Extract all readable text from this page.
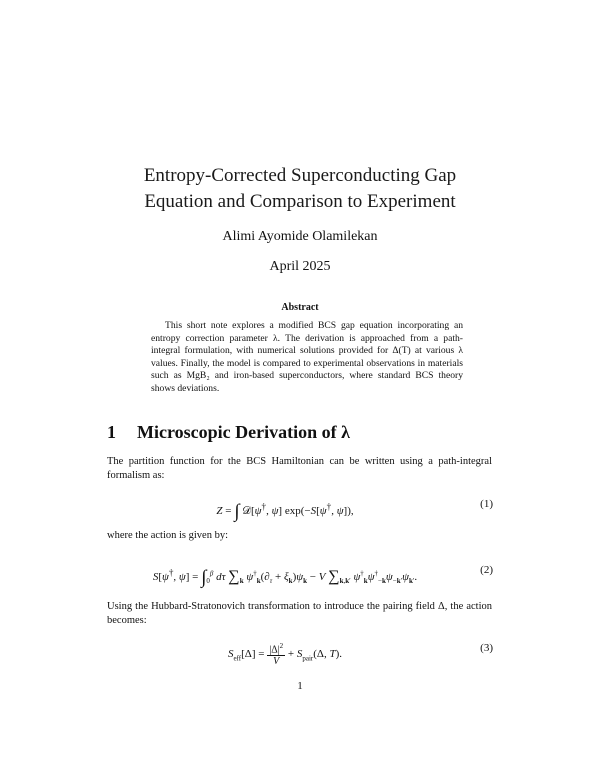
Entropy-Corrected Superconducting Gap
Equation and Comparison to Experiment
Alimi Ayomide Olamilekan
April 2025
Abstract
This short note explores a modified BCS gap equation incorporating an entropy correction parameter λ. The derivation is approached from a path-integral formulation, with numerical solutions provided for Δ(T) at various λ values. Finally, the model is compared to experimental observations in materials such as MgB₂ and iron-based superconductors, where standard BCS theory shows deviations.
1 Microscopic Derivation of λ
The partition function for the BCS Hamiltonian can be written using a path-integral formalism as:
Z = ∫ 𝒟[ψ†, ψ] exp(−S[ψ†, ψ]),
(1)
where the action is given by:
S[ψ†, $\psi] = \int_0^\beta$ dτ $\sum_k$ $\psi^\dagger_k(\partial_\tau + \xi_k)\psi_k - V$ $\sum_{k,k'}$ $\psi^\dagger_k\psi^\dagger_{-k}\psi_{-k'}\psi_{k'}$.
(2)
Using the Hubbard-Stratonovich transformation to introduce the pairing field Δ, the action becomes:
$S_{eff}[\Delta] = \frac{|\Delta|^2}{V} + S_{pair}(\Delta$, T).
(3)
1
